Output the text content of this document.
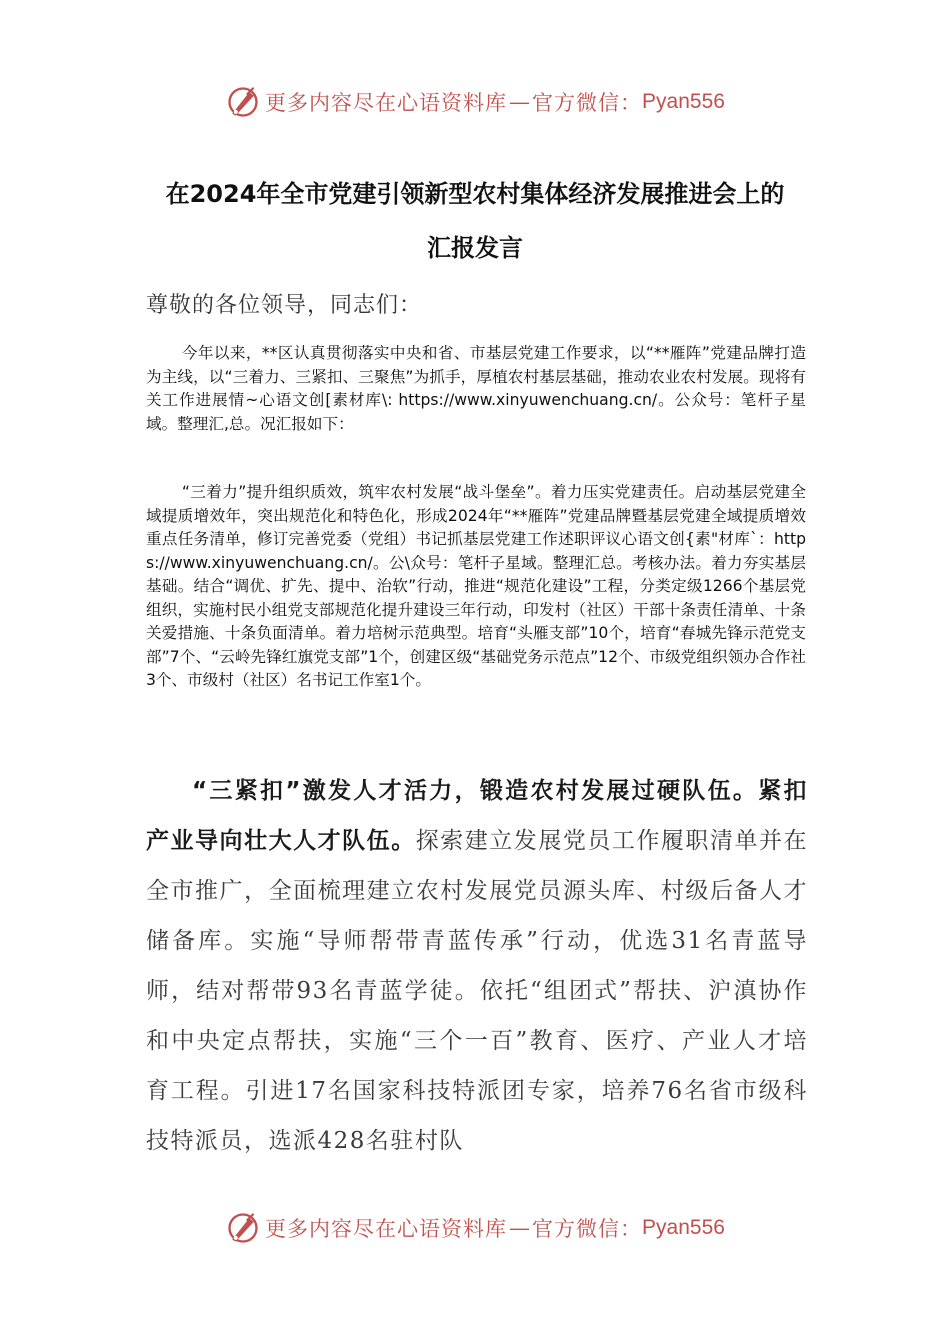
更多内容尽在心语资料库 — 官方微信： Pyan556
在2024年全市党建引领新型农村集体经济发展推进会上的
汇报发言

尊敬的各位领导，同志们：

今年以来，**区认真贯彻落实中央和省、市基层党建工作要求，以“**雁阵”党建品牌打造为主线，以“三着力、三紧扣、三聚焦”为抓手，厚植农村基层基础，推动农业农村发展。现将有关工作进展情~心语文创[素材库\: https://www.xinyuwenchuang.cn/。公众号：笔杆子星域。整理汇,总。况汇报如下：

“三着力”提升组织质效，筑牢农村发展“战斗堡垒”。着力压实党建责任。启动基层党建全域提质增效年，突出规范化和特色化，形成2024年“**雁阵”党建品牌暨基层党建全域提质增效重点任务清单，修订完善党委（党组）书记抓基层党建工作述职评议心语文创{素"材库`：https://www.xinyuwenchuang.cn/。公\众号：笔杆子星域。整理汇总。考核办法。着力夯实基层基础。结合“调优、扩先、提中、治软”行动，推进“规范化建设”工程，分类定级1266个基层党组织，实施村民小组党支部规范化提升建设三年行动，印发村（社区）干部十条责任清单、十条关爱措施、十条负面清单。着力培树示范典型。培育“头雁支部”10个，培育“春城先锋示范党支部”7个、“云岭先锋红旗党支部”1个，创建区级“基础党务示范点”12个、市级党组织领办合作社3个、市级村（社区）名书记工作室1个。

“三紧扣”激发人才活力，锻造农村发展过硬队伍。紧扣产业导向壮大人才队伍。探索建立发展党员工作履职清单并在全市推广，全面梳理建立农村发展党员源头库、村级后备人才储备库。实施“导师帮带青蓝传承”行动，优选31名青蓝导师，结对帮带93名青蓝学徒。依托“组团式”帮扶、沪滇协作和中央定点帮扶，实施“三个一百”教育、医疗、产业人才培育工程。引进17名国家科技特派团专家，培养76名省市级科技特派员，选派428名驻村队

更多内容尽在心语资料库 — 官方微信： Pyan556
